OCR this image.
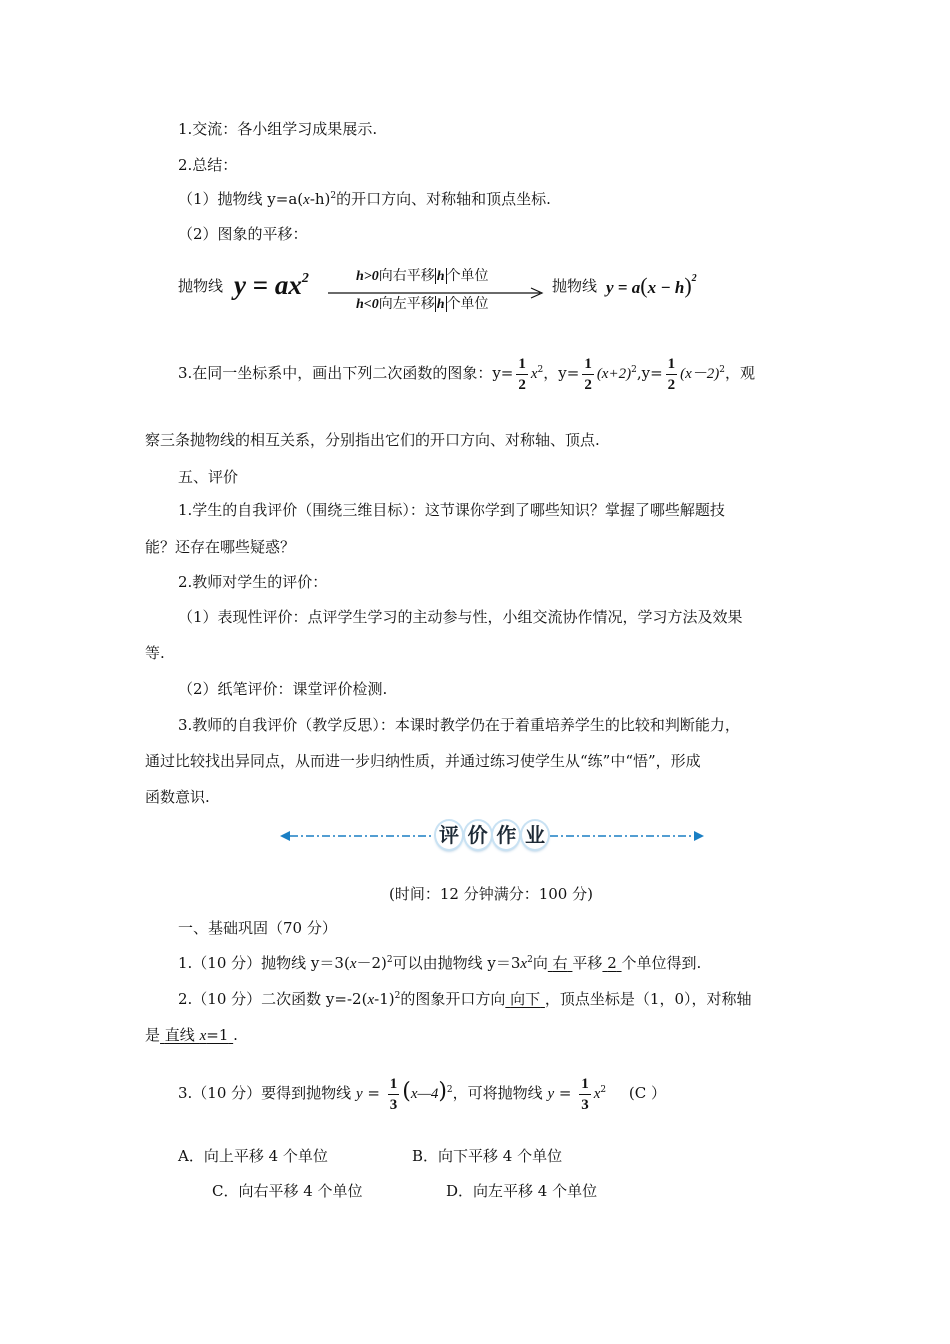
1.交流：各小组学习成果展示.
2.总结：
（1）抛物线 $y=a(x-h)^2$的开口方向、对称轴和顶点坐标.
（2）图象的平移：
抛物线 $y = ax^2$	h>0向右平移 h 个单位
h<0向左平移 h 个单位
抛物线 $y = a(x - h)^2$
3.在同一坐标系中，画出下列二次函数的图象：$y= \frac{1}{2} x^2$，$y= \frac{1}{2} (x+2)^2,y= \frac{1}{2} (x-2)^2$，观
察三条抛物线的相互关系，分别指出它们的开口方向、对称轴、顶点.
五、评价
1.学生的自我评价（围绕三维目标）：这节课你学到了哪些知识？掌握了哪些解题技
能？还存在哪些疑惑？
2.教师对学生的评价：
（1）表现性评价：点评学生学习的主动参与性，小组交流协作情况，学习方法及效果
等.
（2）纸笔评价：课堂评价检测.
3.教师的自我评价（教学反思）：本课时教学仍在于着重培养学生的比较和判断能力，
通过比较找出异同点，从而进一步归纳性质，并通过练习使学生从“练”中“悟”，形成
函数意识.
评 价 作 业
(时间：12 分钟满分：100 分)
一、基础巩固（70 分）
1.（10 分）抛物线 $y=3(x-2)^2$可以由抛物线 $y=3x^2$向 右 平移 2 个单位得到.
2.（10 分）二次函数 $y=-2(x-1)^2$的图象开口方向 向下 ，顶点坐标是（1，0），对称轴
是 直线 x=1 .
3.（10 分）要得到抛物线 $y = \frac{1}{3}$ (x—4)$^2$，可将抛物线 $y = \frac{1}{3} x^2$ (C ）
A．向上平移 4 个单位	B．向下平移 4 个单位
C．向右平移 4 个单位	D．向左平移 4 个单位
